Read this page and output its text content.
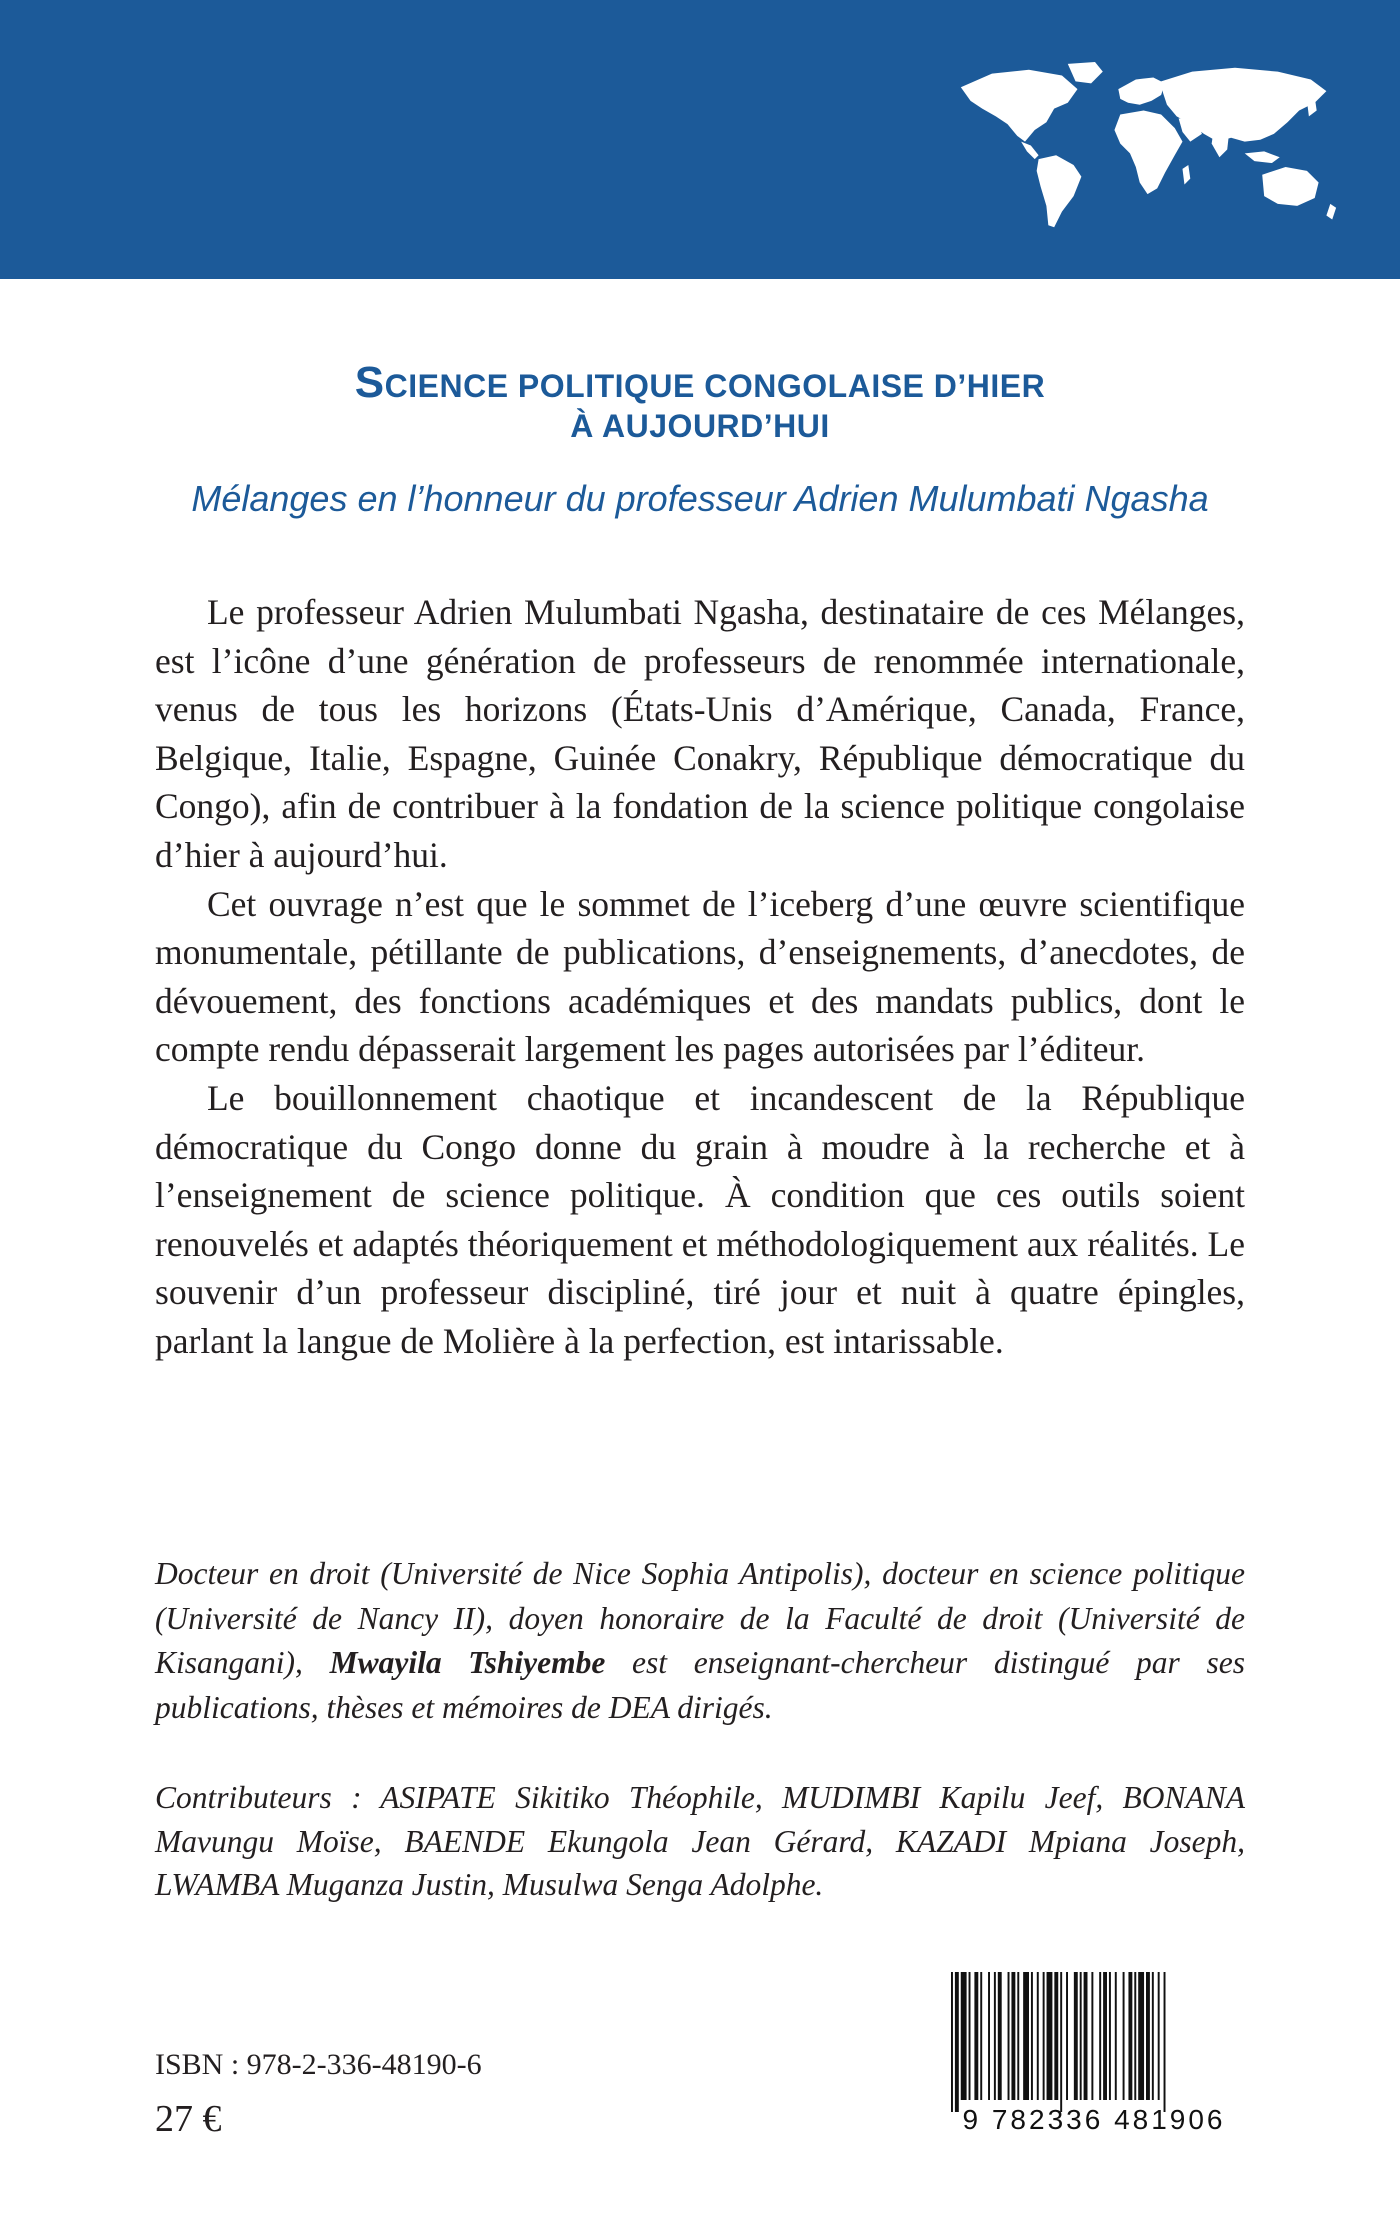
SCIENCE POLITIQUE CONGOLAISE D’HIER
À AUJOURD’HUI
Mélanges en l’honneur du professeur Adrien Mulumbati Ngasha

Le professeur Adrien Mulumbati Ngasha, destinataire de ces Mélanges, est l’icône d’une génération de professeurs de renommée internationale, venus de tous les horizons (États-Unis d’Amérique, Canada, France, Belgique, Italie, Espagne, Guinée Conakry, République démocratique du Congo), afin de contribuer à la fondation de la science politique congolaise d’hier à aujourd’hui.

Cet ouvrage n’est que le sommet de l’iceberg d’une œuvre scientifique monumentale, pétillante de publications, d’enseignements, d’anecdotes, de dévouement, des fonctions académiques et des mandats publics, dont le compte rendu dépasserait largement les pages autorisées par l’éditeur.

Le bouillonnement chaotique et incandescent de la République démocratique du Congo donne du grain à moudre à la recherche et à l’enseignement de science politique. À condition que ces outils soient renouvelés et adaptés théoriquement et méthodologiquement aux réalités. Le souvenir d’un professeur discipliné, tiré jour et nuit à quatre épingles, parlant la langue de Molière à la perfection, est intarissable.

Docteur en droit (Université de Nice Sophia Antipolis), docteur en science politique (Université de Nancy II), doyen honoraire de la Faculté de droit (Université de Kisangani), Mwayila Tshiyembe est enseignant-chercheur distingué par ses publications, thèses et mémoires de DEA dirigés.

Contributeurs : ASIPATE Sikitiko Théophile, MUDIMBI Kapilu Jeef, BONANA Mavungu Moïse, BAENDE Ekungola Jean Gérard, KAZADI Mpiana Joseph, LWAMBA Muganza Justin, Musulwa Senga Adolphe.
ISBN : 978-2-336-48190-6
27 €	9 782336 481906
